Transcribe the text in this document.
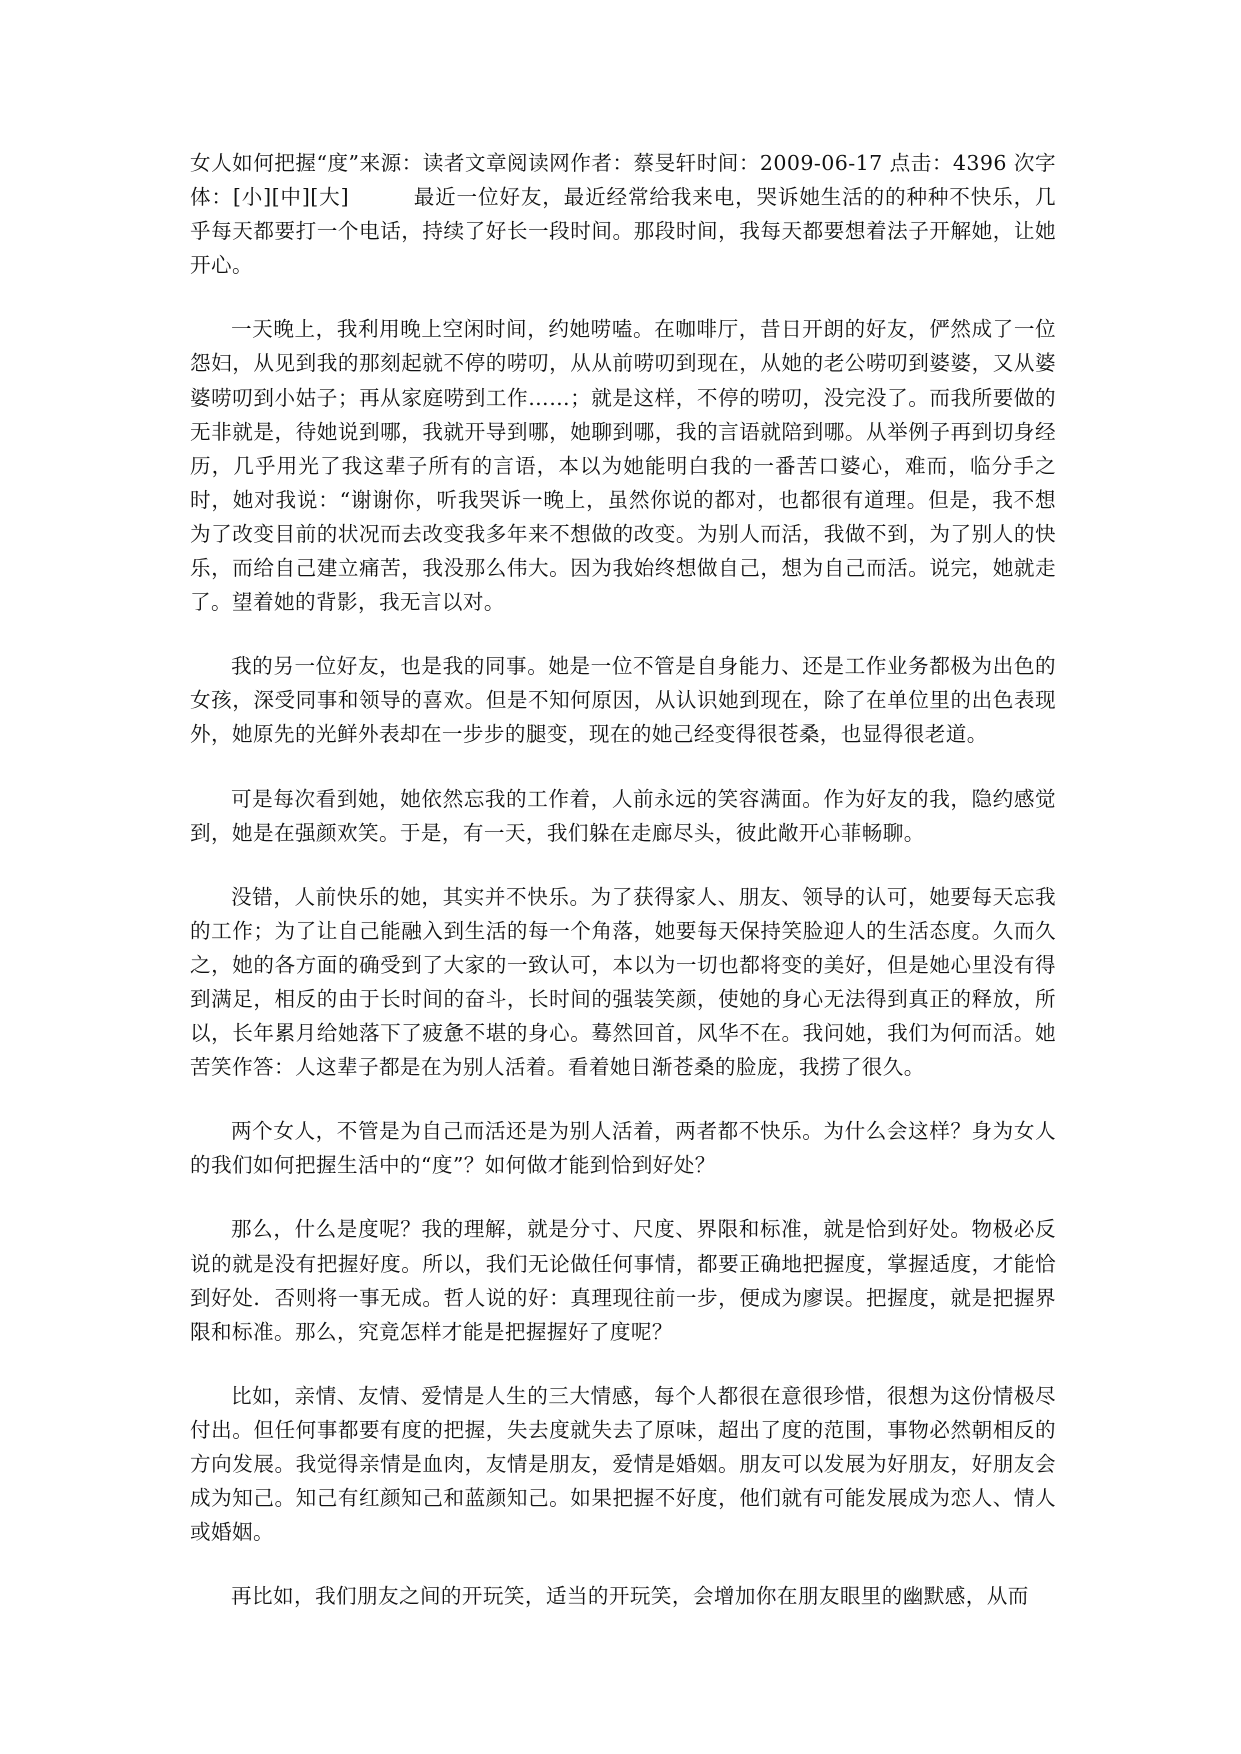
女人如何把握“度”来源：读者文章阅读网作者：蔡旻轩时间：2009-06-17 点击：4396 次字体：[小][中][大]　　　最近一位好友，最近经常给我来电，哭诉她生活的的种种不快乐，几乎每天都要打一个电话，持续了好长一段时间。那段时间，我每天都要想着法子开解她，让她开心。

一天晚上，我利用晚上空闲时间，约她唠嗑。在咖啡厅，昔日开朗的好友，俨然成了一位怨妇，从见到我的那刻起就不停的唠叨，从从前唠叨到现在，从她的老公唠叨到婆婆，又从婆婆唠叨到小姑子；再从家庭唠到工作……；就是这样，不停的唠叨，没完没了。而我所要做的无非就是，待她说到哪，我就开导到哪，她聊到哪，我的言语就陪到哪。从举例子再到切身经历，几乎用光了我这辈子所有的言语，本以为她能明白我的一番苦口婆心，难而，临分手之时，她对我说：“谢谢你，听我哭诉一晚上，虽然你说的都对，也都很有道理。但是，我不想为了改变目前的状况而去改变我多年来不想做的改变。为别人而活，我做不到，为了别人的快乐，而给自己建立痛苦，我没那么伟大。因为我始终想做自己，想为自己而活。说完，她就走了。望着她的背影，我无言以对。

我的另一位好友，也是我的同事。她是一位不管是自身能力、还是工作业务都极为出色的女孩，深受同事和领导的喜欢。但是不知何原因，从认识她到现在，除了在单位里的出色表现外，她原先的光鲜外表却在一步步的腿变，现在的她己经变得很苍桑，也显得很老道。

可是每次看到她，她依然忘我的工作着，人前永远的笑容满面。作为好友的我，隐约感觉到，她是在强颜欢笑。于是，有一天，我们躲在走廊尽头，彼此敞开心菲畅聊。

没错，人前快乐的她，其实并不快乐。为了获得家人、朋友、领导的认可，她要每天忘我的工作；为了让自己能融入到生活的每一个角落，她要每天保持笑脸迎人的生活态度。久而久之，她的各方面的确受到了大家的一致认可，本以为一切也都将变的美好，但是她心里没有得到满足，相反的由于长时间的奋斗，长时间的强装笑颜，使她的身心无法得到真正的释放，所以，长年累月给她落下了疲惫不堪的身心。蓦然回首，风华不在。我问她，我们为何而活。她苦笑作答：人这辈子都是在为别人活着。看着她日渐苍桑的脸庞，我捞了很久。

两个女人，不管是为自己而活还是为别人活着，两者都不快乐。为什么会这样？身为女人的我们如何把握生活中的“度”？如何做才能到恰到好处？

那么，什么是度呢？我的理解，就是分寸、尺度、界限和标准，就是恰到好处。物极必反说的就是没有把握好度。所以，我们无论做任何事情，都要正确地把握度，掌握适度，才能恰到好处．否则将一事无成。哲人说的好：真理现往前一步，便成为廖误。把握度，就是把握界限和标准。那么，究竟怎样才能是把握握好了度呢？

比如，亲情、友情、爱情是人生的三大情感，每个人都很在意很珍惜，很想为这份情极尽付出。但任何事都要有度的把握，失去度就失去了原味，超出了度的范围，事物必然朝相反的方向发展。我觉得亲情是血肉，友情是朋友，爱情是婚姻。朋友可以发展为好朋友，好朋友会成为知己。知己有红颜知己和蓝颜知己。如果把握不好度，他们就有可能发展成为恋人、情人或婚姻。

再比如，我们朋友之间的开玩笑，适当的开玩笑，会增加你在朋友眼里的幽默感，从而
